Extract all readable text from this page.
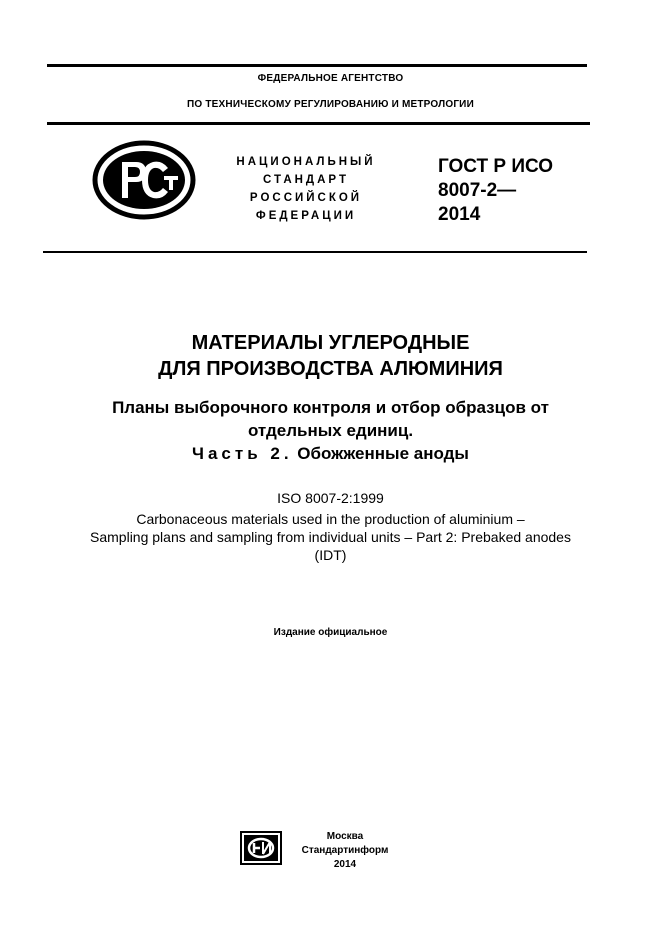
ФЕДЕРАЛЬНОЕ АГЕНТСТВО
ПО ТЕХНИЧЕСКОМУ РЕГУЛИРОВАНИЮ И МЕТРОЛОГИИ
НАЦИОНАЛЬНЫЙ
СТАНДАРТ
РОССИЙСКОЙ
ФЕДЕРАЦИИ
ГОСТ Р ИСО
8007-2—
2014
МАТЕРИАЛЫ УГЛЕРОДНЫЕ
ДЛЯ ПРОИЗВОДСТВА АЛЮМИНИЯ
Планы выборочного контроля и отбор образцов от
отдельных единиц.
Часть 2. Обожженные аноды
ISO 8007-2:1999
Carbonaceous materials used in the production of aluminium –
Sampling plans and sampling from individual units – Part 2: Prebaked anodes
(IDT)
Издание официальное
Москва
Стандартинформ
2014
